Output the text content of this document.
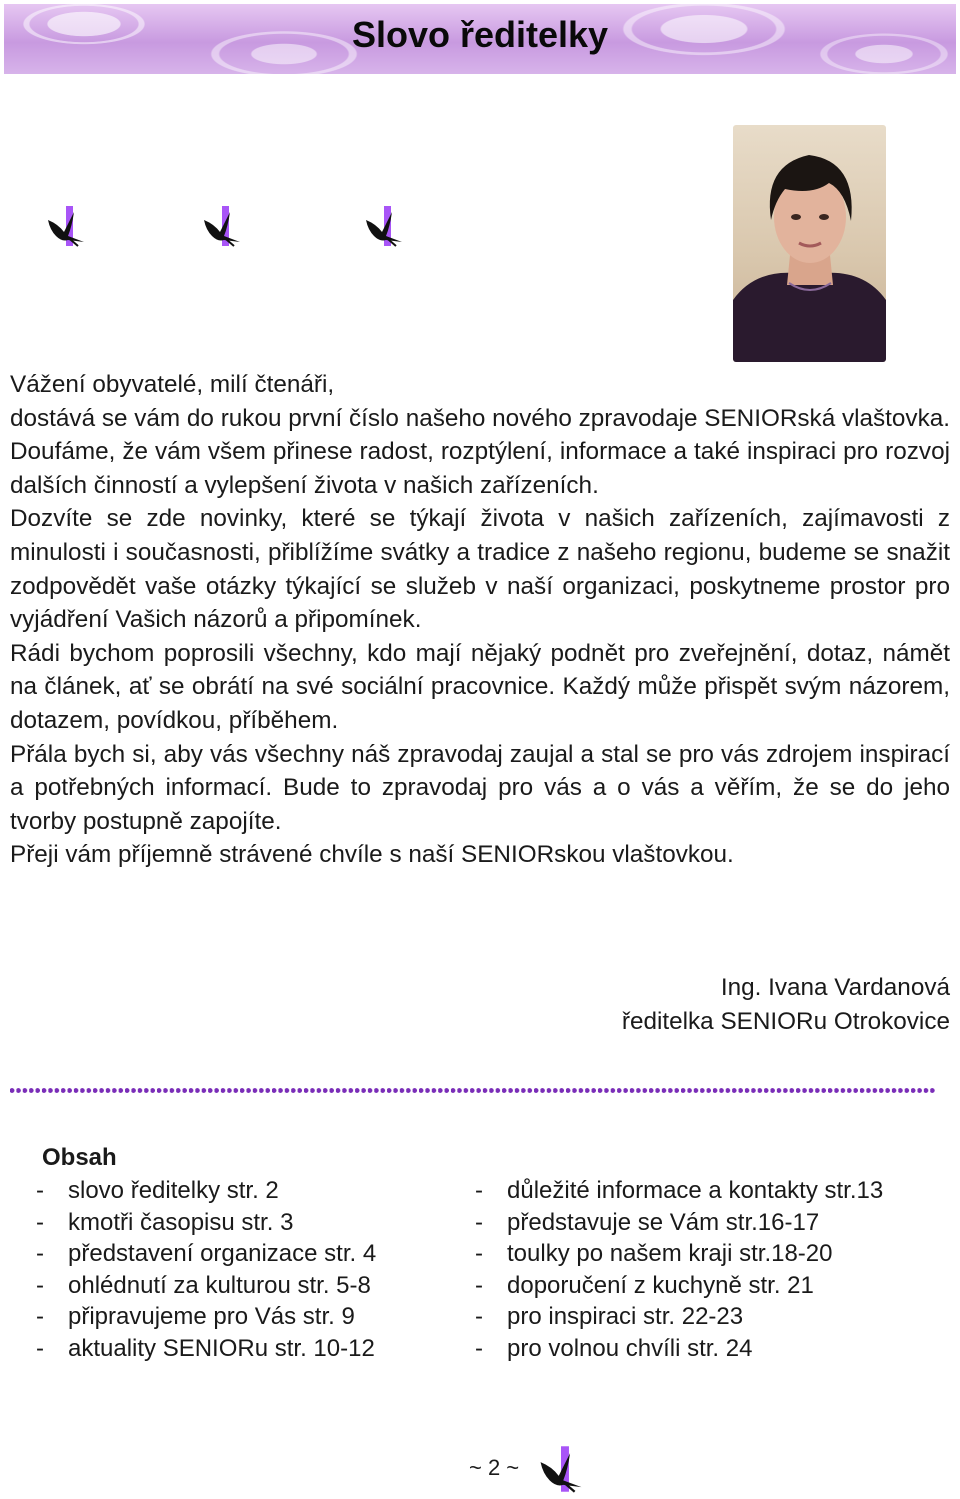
Slovo ředitelky

Vážení obyvatelé, milí čtenáři,

dostává se vám do rukou první číslo našeho nového zpravodaje SENIORská vlaštovka. Doufáme, že vám všem přinese radost, rozptýlení, informace a také inspiraci pro rozvoj dalších činností a vylepšení života v našich zařízeních.

Dozvíte se zde novinky, které se týkají života v našich zařízeních, zajímavosti z minulosti i současnosti, přiblížíme svátky a tradice z našeho regionu, budeme se snažit zodpovědět vaše otázky týkající se služeb v naší organizaci, poskytneme prostor pro vyjádření Vašich názorů a připomínek.

Rádi bychom poprosili všechny, kdo mají nějaký podnět pro zveřejnění, dotaz, námět na článek, ať se obrátí na své sociální pracovnice. Každý může přispět svým názorem, dotazem, povídkou, příběhem.

Přála bych si, aby vás všechny náš zpravodaj zaujal a stal se pro vás zdrojem inspirací a potřebných informací. Bude to zpravodaj pro vás a o vás a věřím, že se do jeho tvorby postupně zapojíte.

Přeji vám příjemně strávené chvíle s naší SENIORskou vlaštovkou.

Ing. Ivana Vardanová
ředitelka SENIORu Otrokovice
Obsah
- slovo ředitelky str. 2
- kmotři časopisu str. 3
- představení organizace str. 4
- ohlédnutí za kulturou str. 5-8
- připravujeme pro Vás str. 9
- aktuality SENIORu str. 10-12
- důležité informace a kontakty str.13
- představuje se Vám str.16-17
- toulky po našem kraji str.18-20
- doporučení z kuchyně str. 21
- pro inspiraci str. 22-23
- pro volnou chvíli str. 24
~ 2 ~
